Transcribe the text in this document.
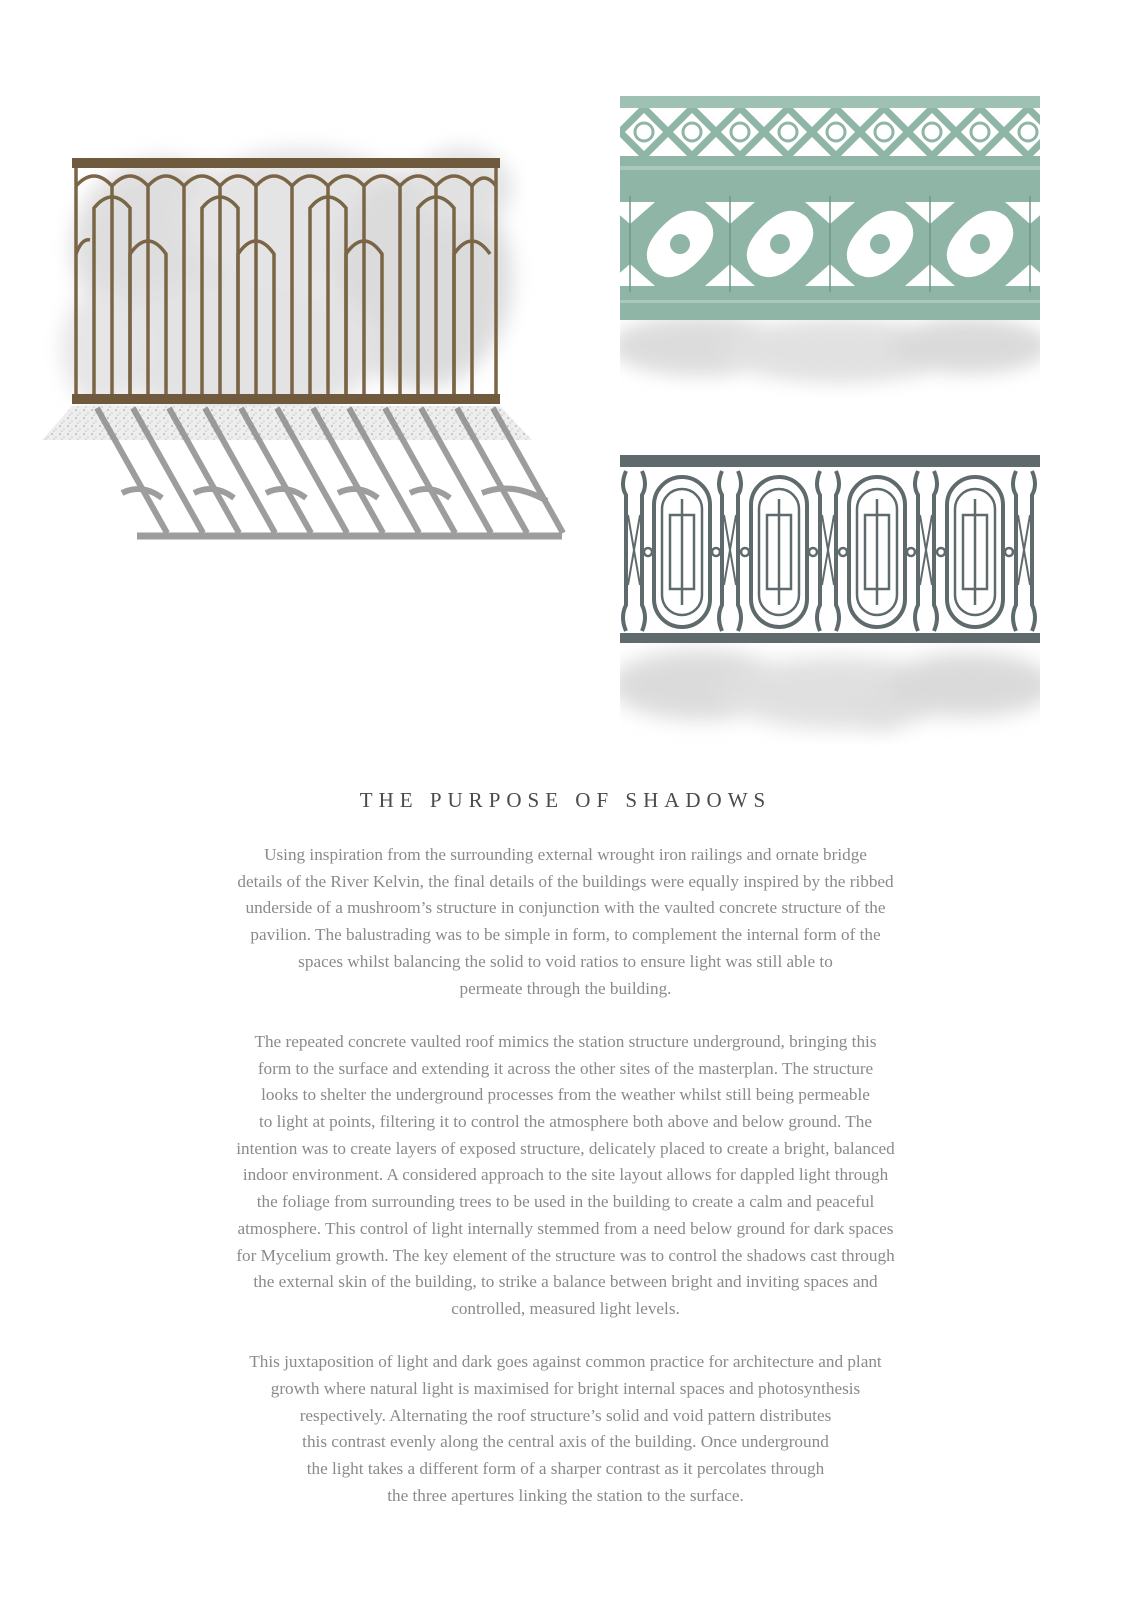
THE PURPOSE OF SHADOWS

Using inspiration from the surrounding external wrought iron railings and ornate bridge
details of the River Kelvin, the final details of the buildings were equally inspired by the ribbed
underside of a mushroom’s structure in conjunction with the vaulted concrete structure of the
pavilion. The balustrading was to be simple in form, to complement the internal form of the
spaces whilst balancing the solid to void ratios to ensure light was still able to
permeate through the building.

The repeated concrete vaulted roof mimics the station structure underground, bringing this
form to the surface and extending it across the other sites of the masterplan. The structure
looks to shelter the underground processes from the weather whilst still being permeable
to light at points, filtering it to control the atmosphere both above and below ground. The
intention was to create layers of exposed structure, delicately placed to create a bright, balanced
indoor environment. A considered approach to the site layout allows for dappled light through
the foliage from surrounding trees to be used in the building to create a calm and peaceful
atmosphere. This control of light internally stemmed from a need below ground for dark spaces
for Mycelium growth. The key element of the structure was to control the shadows cast through
the external skin of the building, to strike a balance between bright and inviting spaces and
controlled, measured light levels.

This juxtaposition of light and dark goes against common practice for architecture and plant
growth where natural light is maximised for bright internal spaces and photosynthesis
respectively. Alternating the roof structure’s solid and void pattern distributes
this contrast evenly along the central axis of the building. Once underground
the light takes a different form of a sharper contrast as it percolates through
the three apertures linking the station to the surface.
